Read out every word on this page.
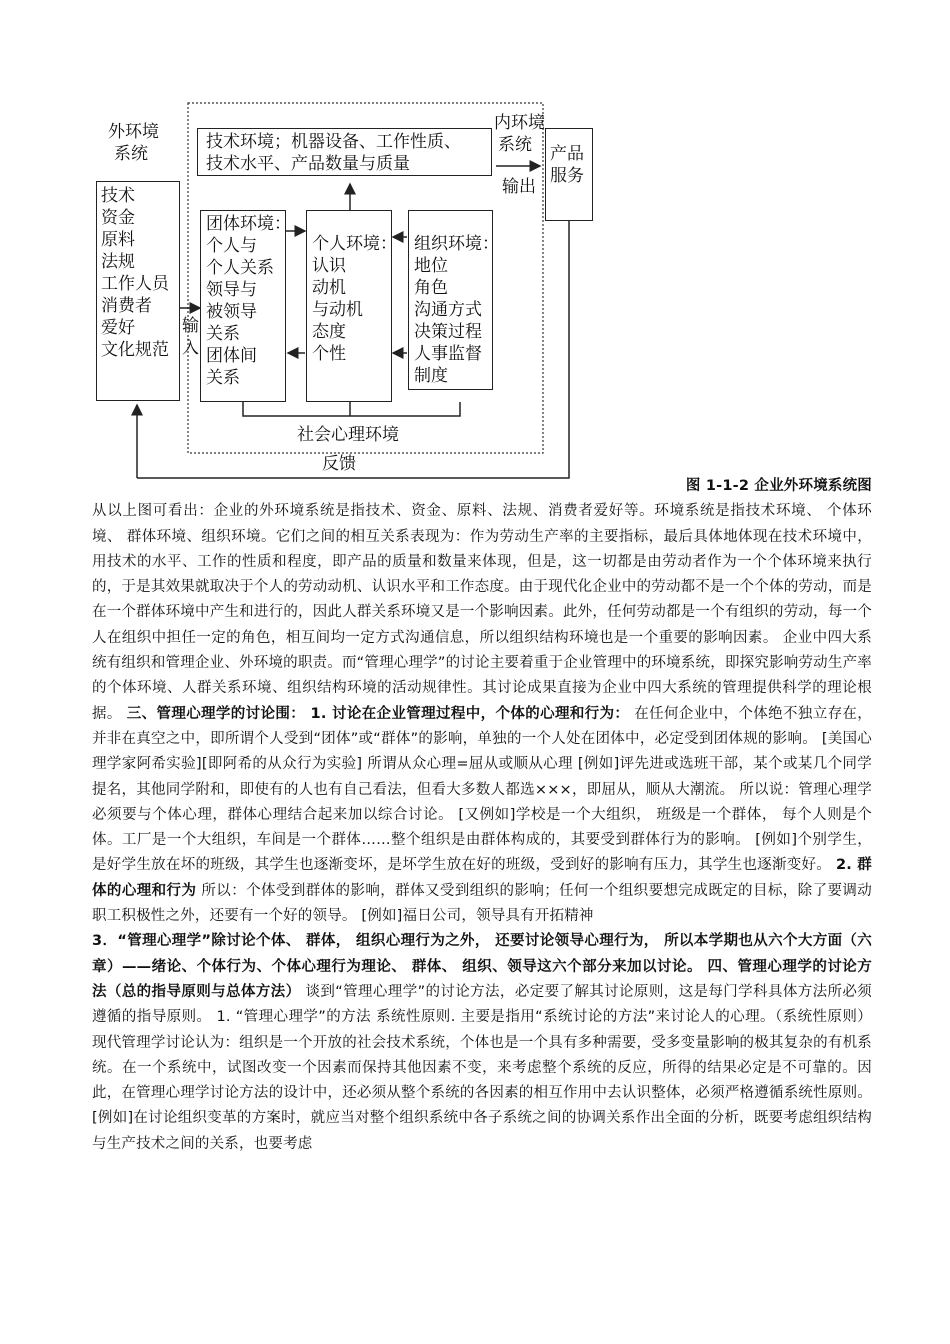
外环境
系统
技术
资金
原料
法规
工作人员
消费者
爱好
文化规范
输
入
技术环境；机器设备、工作性质、
技术水平、产品数量与质量
内环境
系统
输出
产品
服务
团体环境：
个人与
个人关系
领导与
被领导
关系
团体间
关系
个人环境：
认识
动机
与动机
态度
个性
组织环境：
地位
角色
沟通方式
决策过程
人事监督
制度
社会心理环境
反馈
图 1-1-2 企业外环境系统图
从以上图可看出：企业的外环境系统是指技术、资金、原料、法规、消费者爱好等。环境系统是指技术环境、 个体环境、 群体环境、组织环境。它们之间的相互关系表现为：作为劳动生产率的主要指标，最后具体地体现在技术环境中，用技术的水平、工作的性质和程度，即产品的质量和数量来体现，但是，这一切都是由劳动者作为一个个体环境来执行的，于是其效果就取决于个人的劳动动机、认识水平和工作态度。由于现代化企业中的劳动都不是一个个体的劳动，而是在一个群体环境中产生和进行的，因此人群关系环境又是一个影响因素。此外，任何劳动都是一个有组织的劳动，每一个人在组织中担任一定的角色，相互间均一定方式沟通信息，所以组织结构环境也是一个重要的影响因素。 企业中四大系统有组织和管理企业、外环境的职责。而“管理心理学”的讨论主要着重于企业管理中的环境系统，即探究影响劳动生产率的个体环境、人群关系环境、组织结构环境的活动规律性。其讨论成果直接为企业中四大系统的管理提供科学的理论根据。 三、管理心理学的讨论围： 1. 讨论在企业管理过程中，个体的心理和行为： 在任何企业中，个体绝不独立存在，并非在真空之中，即所谓个人受到“团体”或“群体”的影响，单独的一个人处在团体中，必定受到团体规的影响。 [美国心理学家阿希实验][即阿希的从众行为实验] 所谓从众心理=屈从或顺从心理 [例如]评先进或选班干部，某个或某几个同学提名，其他同学附和，即使有的人也有自己看法，但看大多数人都选×××，即屈从，顺从大潮流。 所以说：管理心理学必须要与个体心理，群体心理结合起来加以综合讨论。 [又例如]学校是一个大组织， 班级是一个群体， 每个人则是个体。工厂是一个大组织，车间是一个群体……整个组织是由群体构成的，其要受到群体行为的影响。 [例如]个别学生，是好学生放在坏的班级，其学生也逐渐变坏，是坏学生放在好的班级，受到好的影响有压力，其学生也逐渐变好。 2. 群体的心理和行为 所以：个体受到群体的影响，群体又受到组织的影响；任何一个组织要想完成既定的目标，除了要调动职工积极性之外，还要有一个好的领导。 [例如]福日公司，领导具有开拓精神
3．“管理心理学”除讨论个体、 群体， 组织心理行为之外， 还要讨论领导心理行为， 所以本学期也从六个大方面（六章）——绪论、个体行为、个体心理行为理论、 群体、 组织、领导这六个部分来加以讨论。 四、管理心理学的讨论方法（总的指导原则与总体方法） 谈到“管理心理学”的讨论方法，必定要了解其讨论原则，这是每门学科具体方法所必须遵循的指导原则。 1. “管理心理学”的方法 系统性原则. 主要是指用“系统讨论的方法”来讨论人的心理。（系统性原则） 现代管理学讨论认为：组织是一个开放的社会技术系统，个体也是一个具有多种需要，受多变量影响的极其复杂的有机系统。在一个系统中，试图改变一个因素而保持其他因素不变，来考虑整个系统的反应，所得的结果必定是不可靠的。因此，在管理心理学讨论方法的设计中，还必须从整个系统的各因素的相互作用中去认识整体，必须严格遵循系统性原则。 [例如]在讨论组织变革的方案时，就应当对整个组织系统中各子系统之间的协调关系作出全面的分析，既要考虑组织结构与生产技术之间的关系，也要考虑
